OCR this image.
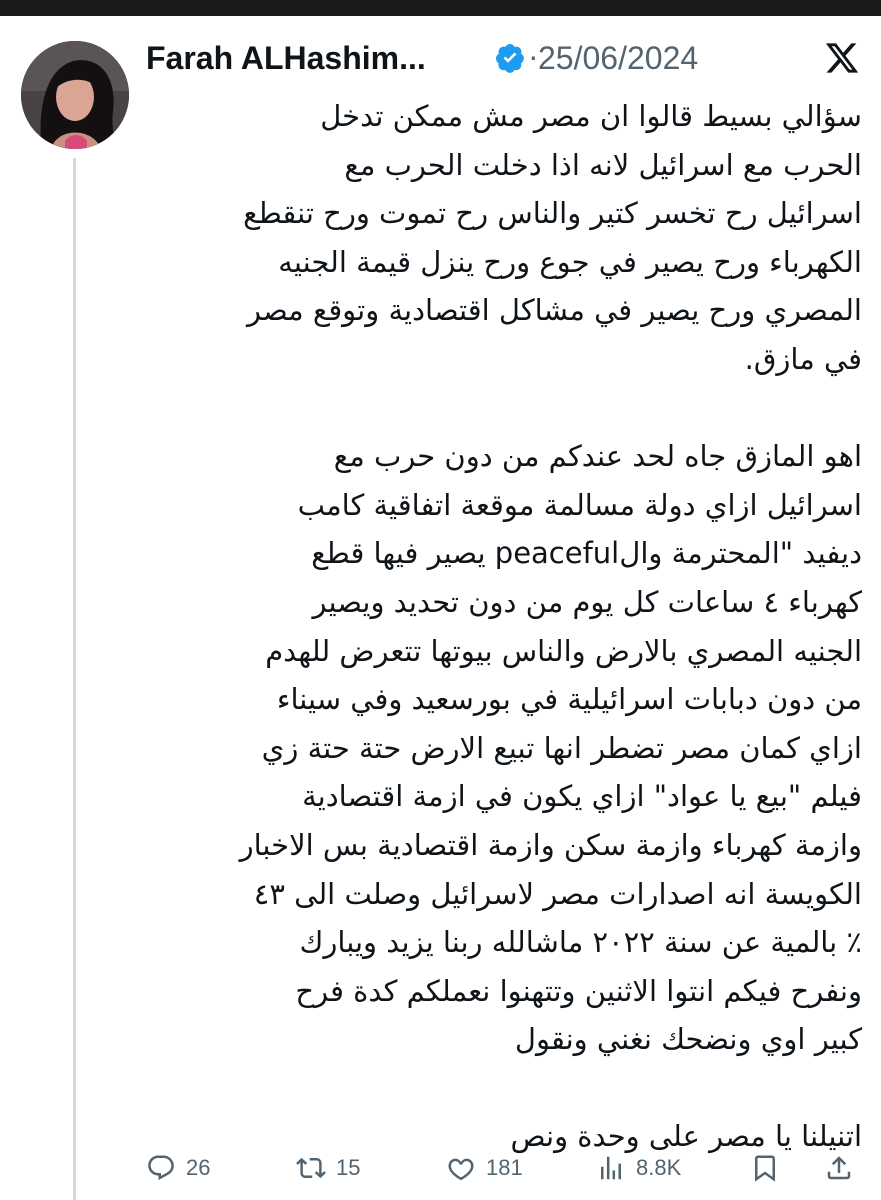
Farah ALHashim...	· 25/06/2024
سؤالي بسيط قالوا ان مصر مش ممكن تدخل
الحرب مع اسرائيل لانه اذا دخلت الحرب مع
اسرائيل رح تخسر كتير والناس رح تموت ورح تنقطع
الكهرباء ورح يصير في جوع ورح ينزل قيمة الجنيه
المصري ورح يصير في مشاكل اقتصادية وتوقع مصر
في مازق.
اهو المازق جاه لحد عندكم من دون حرب مع
اسرائيل ازاي دولة مسالمة موقعة اتفاقية كامب
ديفيد "المحترمة والpeaceful يصير فيها قطع
كهرباء ٤ ساعات كل يوم من دون تحديد ويصير
الجنيه المصري بالارض والناس بيوتها تتعرض للهدم
من دون دبابات اسرائيلية في بورسعيد وفي سيناء
ازاي كمان مصر تضطر انها تبيع الارض حتة حتة زي
فيلم "بيع يا عواد" ازاي يكون في ازمة اقتصادية
وازمة كهرباء وازمة سكن وازمة اقتصادية بس الاخبار
الكويسة انه اصدارات مصر لاسرائيل وصلت الى ٤٣
٪ بالمية عن سنة ٢٠٢٢ ماشالله ربنا يزيد ويبارك
ونفرح فيكم انتوا الاثنين وتتهنوا نعملكم كدة فرح
كبير اوي ونضحك نغني ونقول
اتنيلنا يا مصر على وحدة ونص
26	15	181	8.8K
